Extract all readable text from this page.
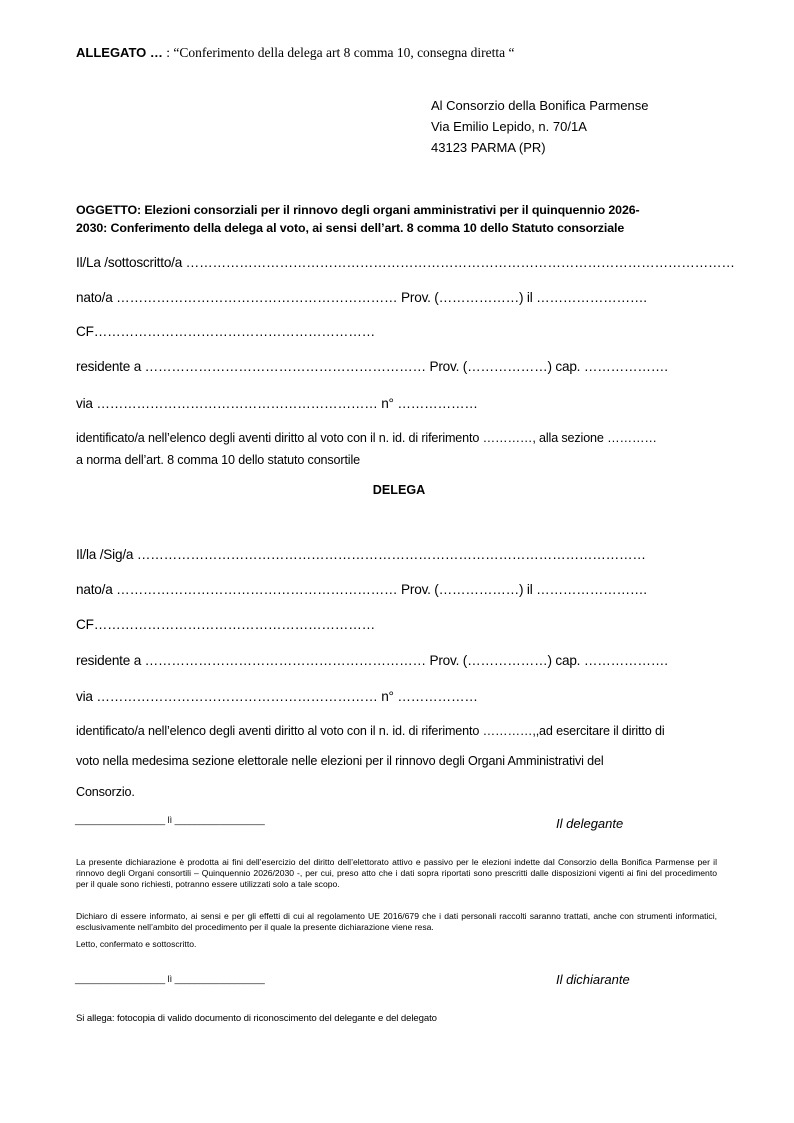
ALLEGATO … : “Conferimento della delega art 8 comma 10, consegna diretta “
Al Consorzio della Bonifica Parmense
Via Emilio Lepido, n. 70/1A
43123 PARMA (PR)
OGGETTO: Elezioni consorziali per il rinnovo degli organi amministrativi per il quinquennio 2026-
2030: Conferimento della delega al voto, ai sensi dell’art. 8 comma 10 dello Statuto consorziale
Il/La /sottoscritto/a ……………………………………………………………………………………………………………
nato/a ……………………………………………………… Prov. (………………) il …………………….
CF………………………………………………………
residente a ……………………………………………………… Prov. (………………) cap. ……………….
via ……………………………………………………… n° ………………
identificato/a nell’elenco degli aventi diritto al voto con il n. id. di riferimento …………, alla sezione …………
a norma dell’art. 8 comma 10 dello statuto consortile
DELEGA
Il/la /Sig/a ……………………………………………………………………………………………………
nato/a ……………………………………………………… Prov. (………………) il …………………….
CF………………………………………………………
residente a ……………………………………………………… Prov. (………………) cap. ……………….
via ……………………………………………………… n° ………………
identificato/a nell’elenco degli aventi diritto al voto con il n. id. di riferimento …………,,ad esercitare il diritto di
voto nella medesima sezione elettorale nelle elezioni per il rinnovo degli Organi Amministrativi del
Consorzio.
__________________ lì __________________	Il delegante
La presente dichiarazione è prodotta ai fini dell’esercizio del diritto dell’elettorato attivo e passivo per le elezioni indette dal Consorzio della Bonifica Parmense per il rinnovo degli Organi consortili – Quinquennio 2026/2030 -, per cui, preso atto che i dati sopra riportati sono prescritti dalle disposizioni vigenti ai fini del procedimento per il quale sono richiesti, potranno essere utilizzati solo a tale scopo.
Dichiaro di essere informato, ai sensi e per gli effetti di cui al regolamento UE 2016/679 che i dati personali raccolti saranno trattati, anche con strumenti informatici, esclusivamente nell’ambito del procedimento per il quale la presente dichiarazione viene resa.
Letto, confermato e sottoscritto.
__________________ lì __________________	Il dichiarante
Si allega: fotocopia di valido documento di riconoscimento del delegante e del delegato
